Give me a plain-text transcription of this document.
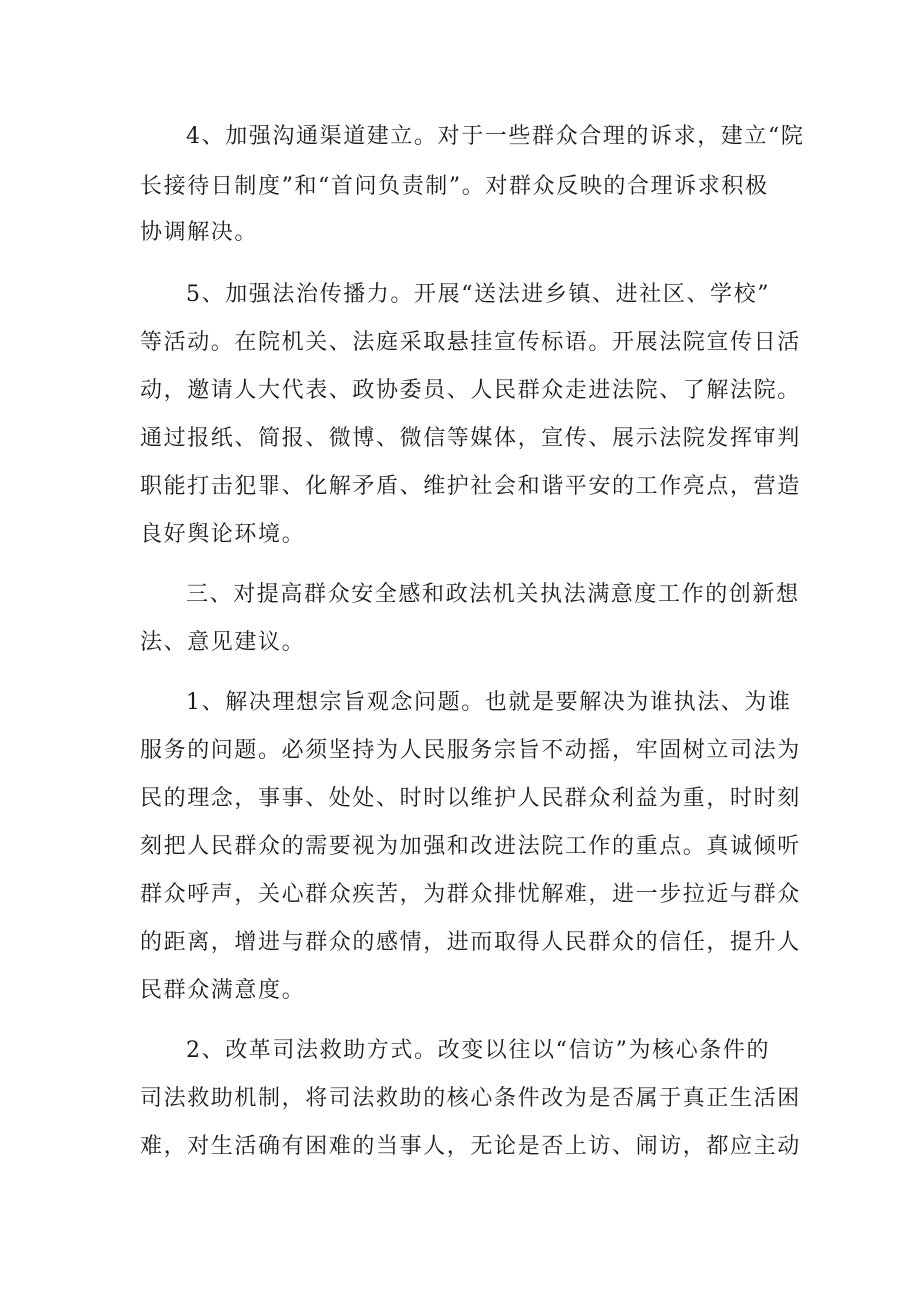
4、加强沟通渠道建立。对于一些群众合理的诉求，建立“院
长接待日制度”和“首问负责制”。对群众反映的合理诉求积极
协调解决。
5、加强法治传播力。开展“送法进乡镇、进社区、学校”
等活动。在院机关、法庭采取悬挂宣传标语。开展法院宣传日活
动，邀请人大代表、政协委员、人民群众走进法院、了解法院。
通过报纸、简报、微博、微信等媒体，宣传、展示法院发挥审判
职能打击犯罪、化解矛盾、维护社会和谐平安的工作亮点，营造
良好舆论环境。
三、对提高群众安全感和政法机关执法满意度工作的创新想
法、意见建议。
1、解决理想宗旨观念问题。也就是要解决为谁执法、为谁
服务的问题。必须坚持为人民服务宗旨不动摇，牢固树立司法为
民的理念，事事、处处、时时以维护人民群众利益为重，时时刻
刻把人民群众的需要视为加强和改进法院工作的重点。真诚倾听
群众呼声，关心群众疾苦，为群众排忧解难，进一步拉近与群众
的距离，增进与群众的感情，进而取得人民群众的信任，提升人
民群众满意度。
2、改革司法救助方式。改变以往以“信访”为核心条件的
司法救助机制，将司法救助的核心条件改为是否属于真正生活困
难，对生活确有困难的当事人，无论是否上访、闹访，都应主动
